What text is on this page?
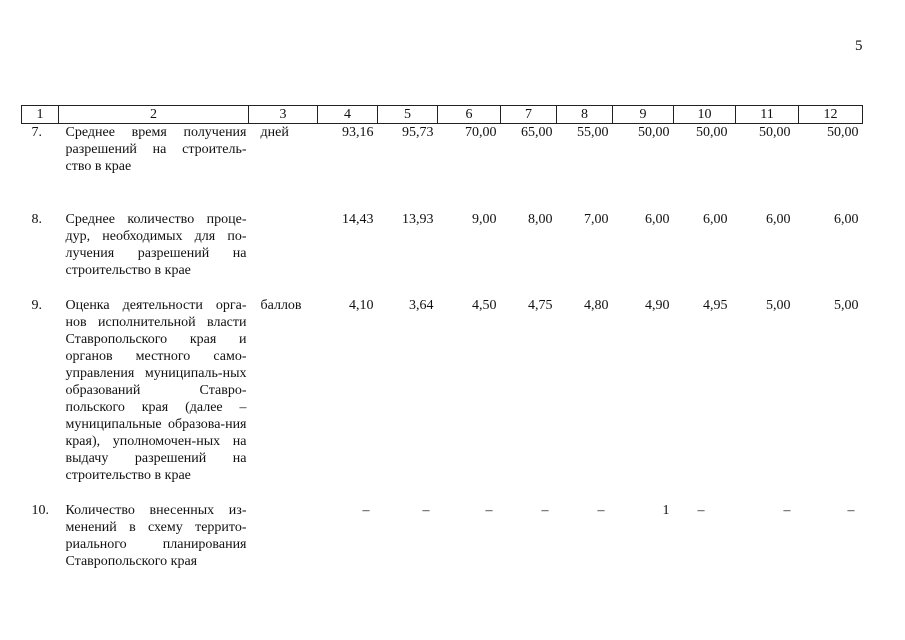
5
1	2	3	4	5	6	7	8	9	10	11	12
7.	Среднее время получения разрешений на строитель-ство в крае	дней	93,16	95,73	70,00	65,00	55,00	50,00	50,00	50,00	50,00
8.	Среднее количество проце-дур, необходимых для по-лучения разрешений на строительство в крае		14,43	13,93	9,00	8,00	7,00	6,00	6,00	6,00	6,00
9.	Оценка деятельности орга-нов исполнительной власти Ставропольского края и органов местного само-управления муниципаль-ных образований Ставро-польского края (далее – муниципальные образова-ния края), уполномочен-ных на выдачу разрешений на строительство в крае	баллов	4,10	3,64	4,50	4,75	4,80	4,90	4,95	5,00	5,00
10.	Количество внесенных из-менений в схему террито-риального планирования Ставропольского края		–	–	–	–	–	1	–	–	–
